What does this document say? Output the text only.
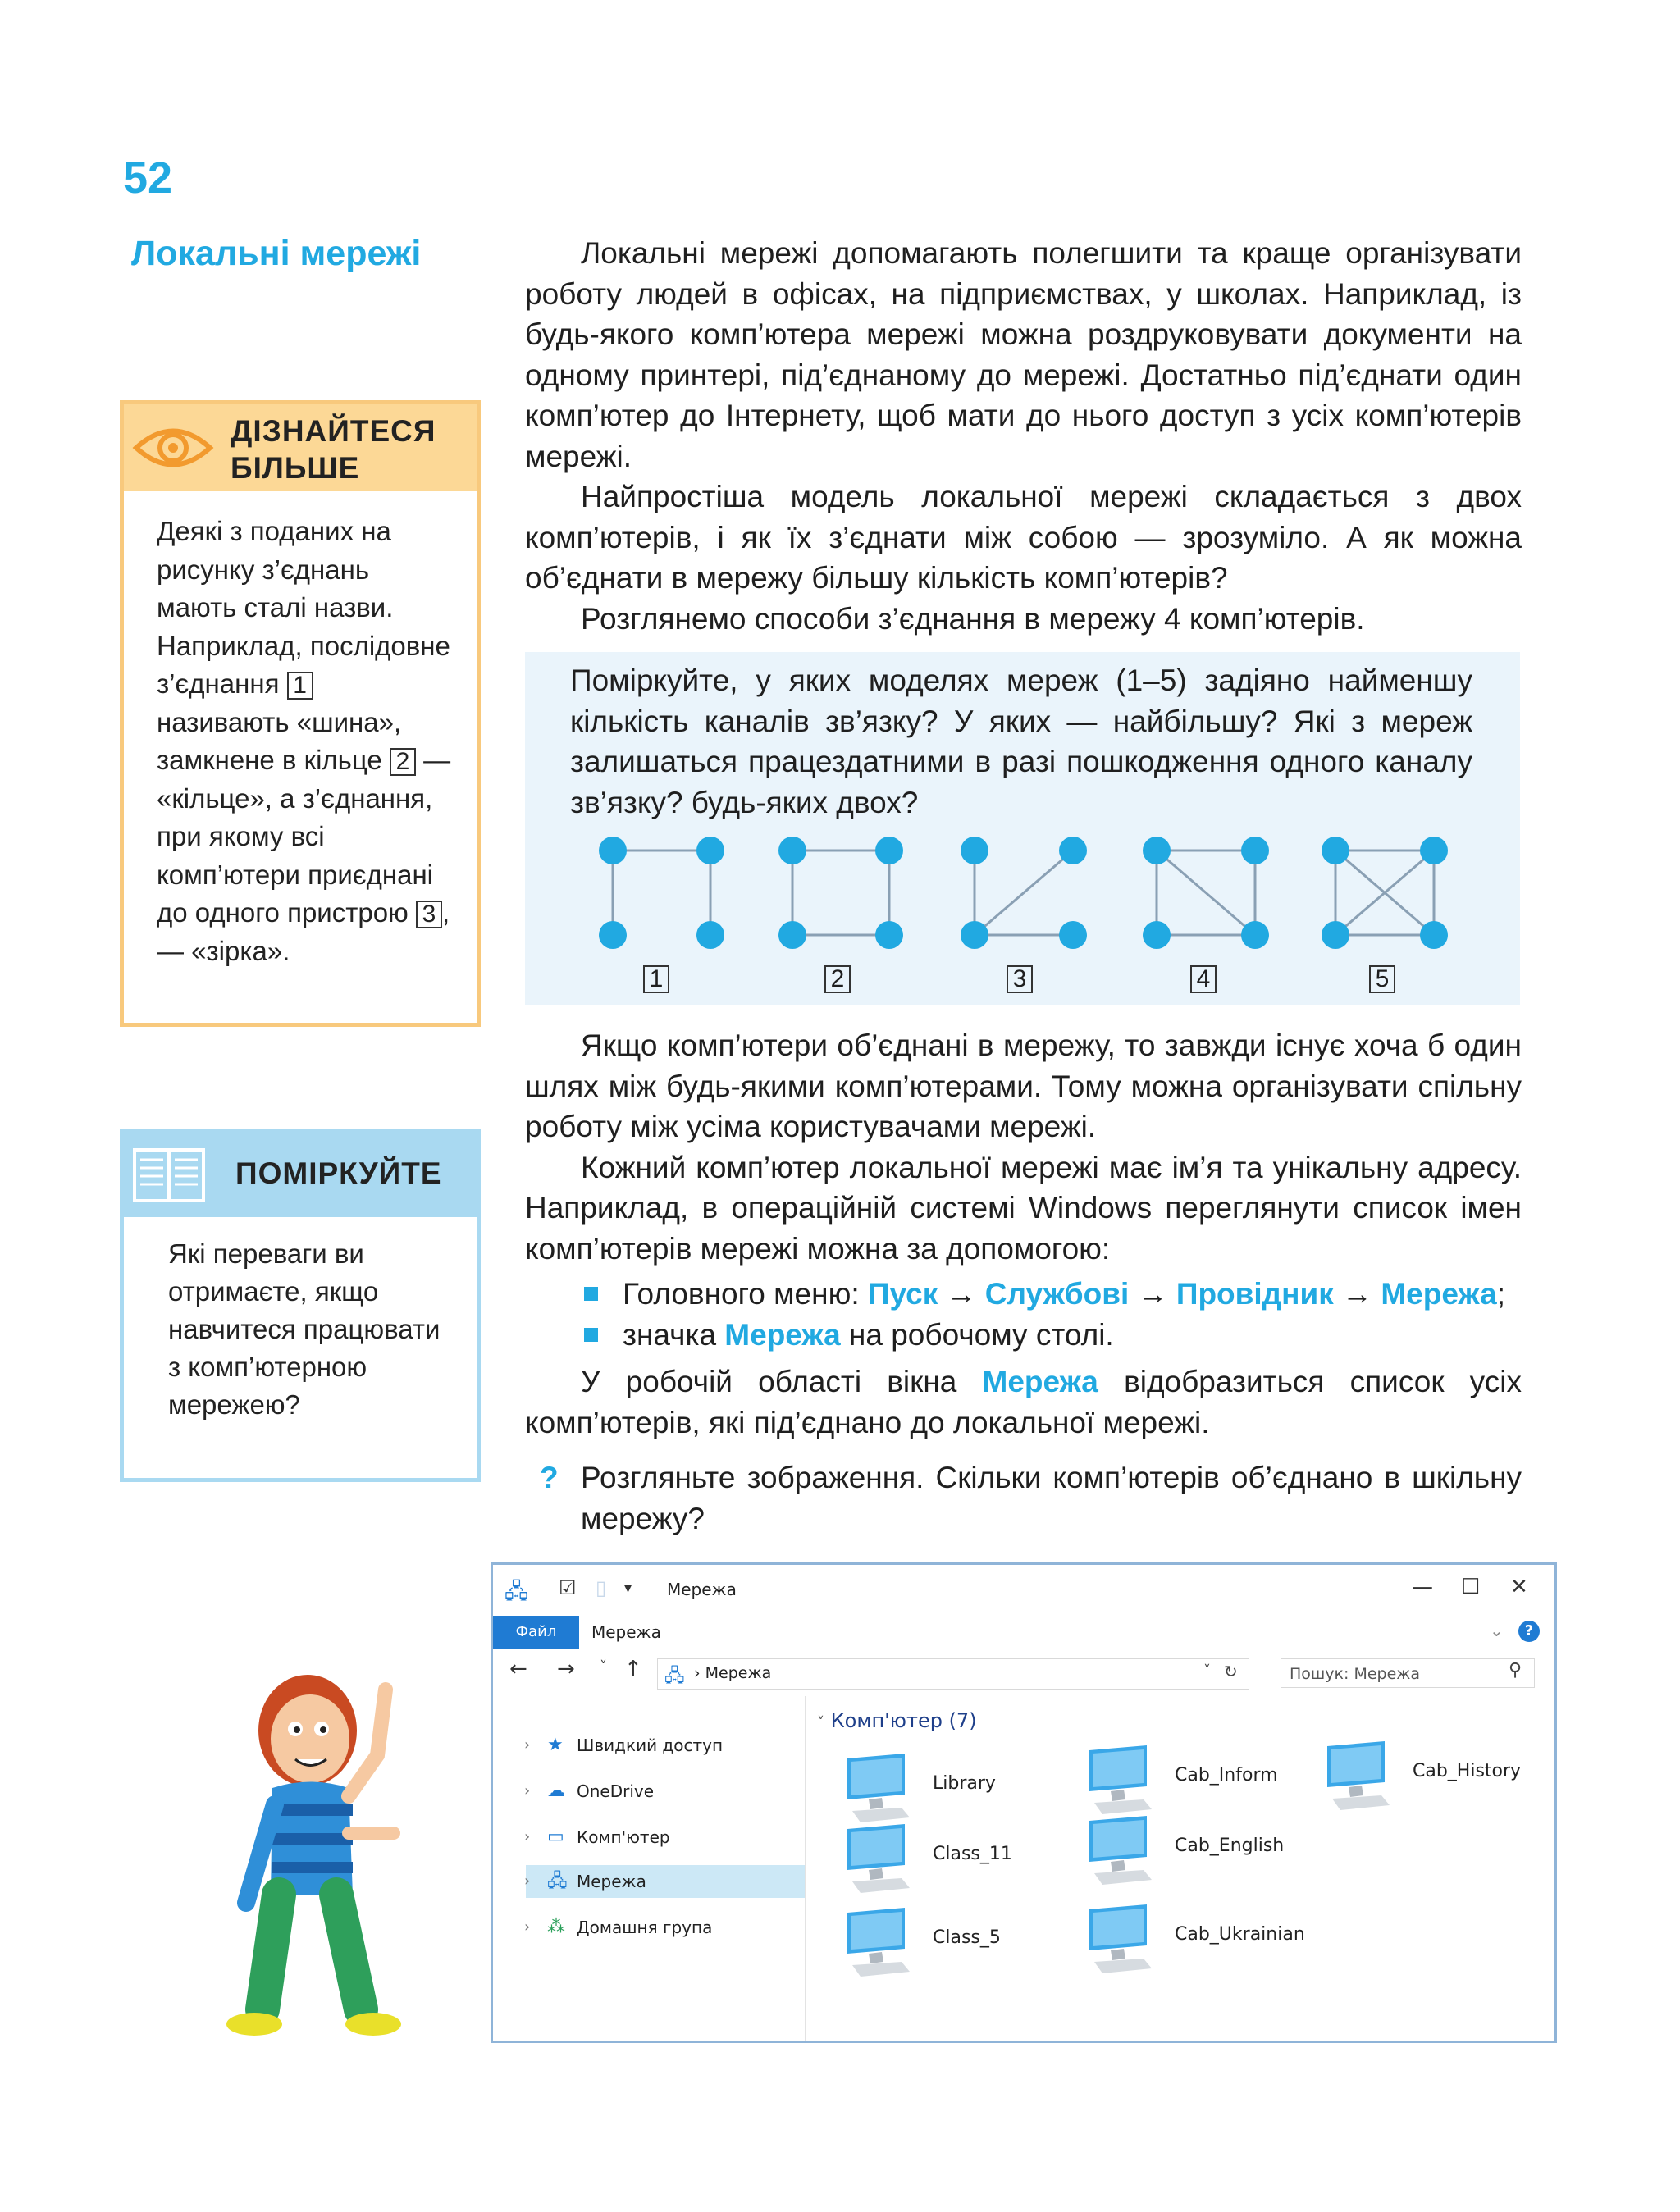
52
Локальні мережі	Локальні мережі допомагають полегшити та краще організувати роботу людей в офісах, на підприємствах, у школах. Наприклад, із будь-якого комп’ютера мережі можна роздруковувати документи на одному принтері, під’єднаному до мережі. Достатньо під’єднати один комп’ютер до Інтернету, щоб мати до нього доступ з усіх комп’ютерів мережі.

Найпростіша модель локальної мережі складається з двох комп’ютерів, і як їх з’єднати між собою — зрозуміло. А як можна об’єднати в мережу більшу кількість комп’ютерів?

Розглянемо способи з’єднання в мережу 4 комп’ютерів.

ДІЗНАЙТЕСЯ
БІЛЬШЕ
Деякі з поданих на рисунку з’єднань мають сталі назви. Наприклад, послідовне з’єднання 1 називають «шина», замкнене в кільце 2 — «кільце», а з’єднання, при якому всі комп’ютери приєднані до одного пристрою 3 , — «зірка».
ПОМІРКУЙТЕ
Які переваги ви отримаєте, якщо навчитеся працювати з комп’ютерною мережею?
Поміркуйте, у яких моделях мереж (1–5) задіяно найменшу кількість каналів зв’язку? У яких — найбільшу? Які з мереж залишаться працездатними в разі пошкодження одного каналу зв’язку? будь-яких двох?
1	2	3	4	5

Якщо комп’ютери об’єднані в мережу, то завжди існує хоча б один шлях між будь-якими комп’ютерами. Тому можна організувати спільну роботу між усіма користувачами мережі.

Кожний комп’ютер локальної мережі має ім’я та унікальну адресу. Наприклад, в операційній системі Windows переглянути список імен комп’ютерів мережі можна за допомогою:

Головного меню: Пуск → Службові → Провідник → Мережа;
значка Мережа на робочому столі.

У робочій області вікна Мережа відобразиться список усіх комп’ютерів, які під’єднано до локальної мережі.

? Розгляньте зображення. Скільки комп’ютерів об’єднано в шкільну мережу?
🖧 ☑ ▯ ▾ Мережа	— ☐ ✕
Файл	Мережа	⌄	?
← → ˅ ↑ 🖧 › Мережа	˅ ↻	Пошук: Мережа	⚲
› ★ Швидкий доступ
› ☁ OneDrive
› ▭ Комп'ютер
› 🖧 Мережа
› ⁂ Домашня група
˅ Комп'ютер (7)
Library	Cab_Inform	Cab_History
Class_11	Cab_English
Class_5	Cab_Ukrainian
